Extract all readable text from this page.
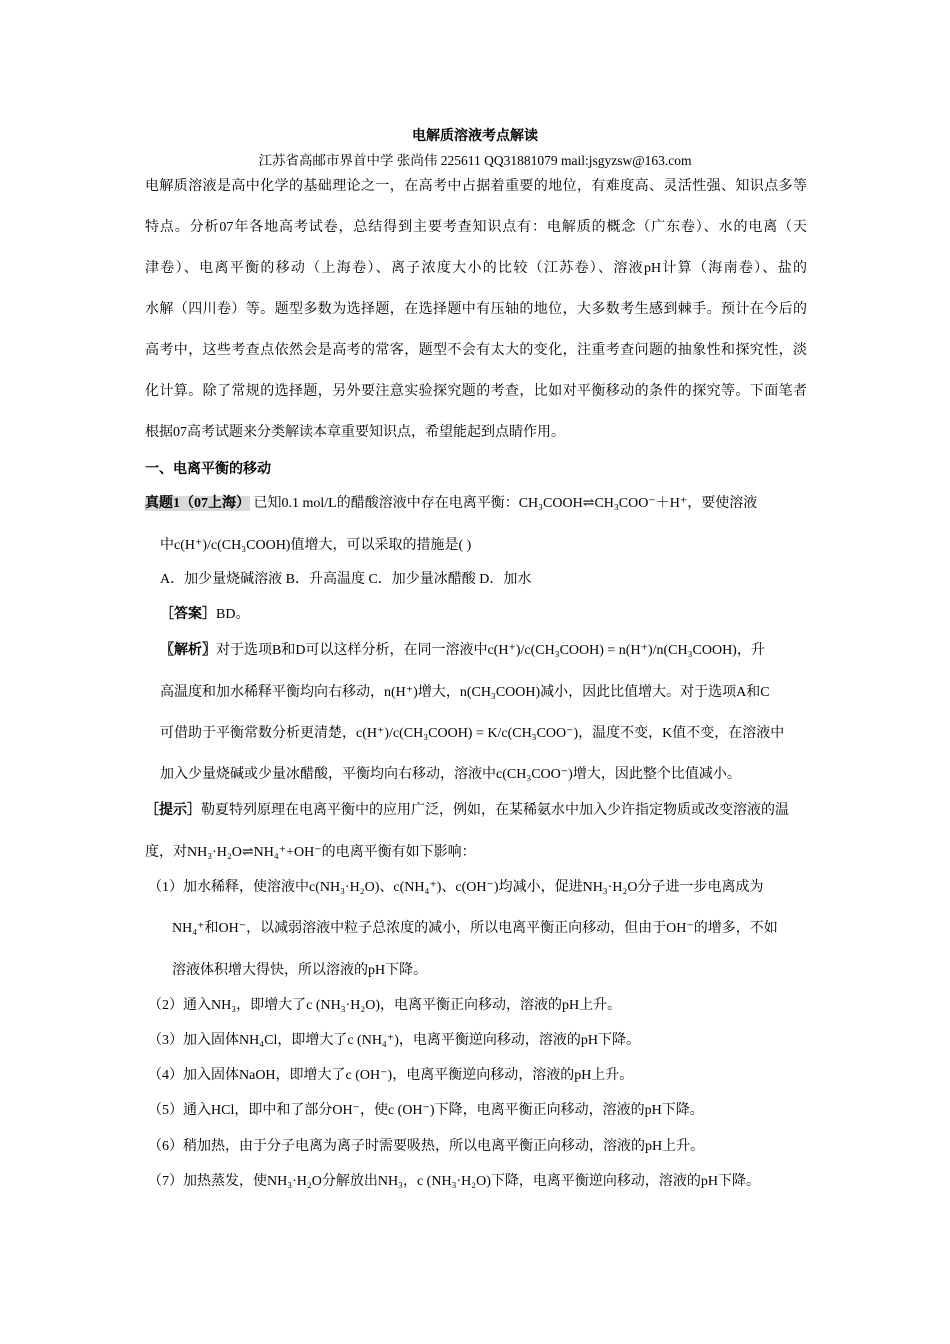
电解质溶液考点解读
江苏省高邮市界首中学 张尚伟 225611 QQ31881079 mail:jsgyzsw@163.com
电解质溶液是高中化学的基础理论之一，在高考中占据着重要的地位，有难度高、灵活性强、知识点多等
特点。分析07年各地高考试卷，总结得到主要考查知识点有：电解质的概念（广东卷）、水的电离（天
津卷）、电离平衡的移动（上海卷）、离子浓度大小的比较（江苏卷）、溶液pH计算（海南卷）、盐的
水解（四川卷）等。题型多数为选择题，在选择题中有压轴的地位，大多数考生感到棘手。预计在今后的
高考中，这些考查点依然会是高考的常客，题型不会有太大的变化，注重考查问题的抽象性和探究性，淡
化计算。除了常规的选择题，另外要注意实验探究题的考查，比如对平衡移动的条件的探究等。下面笔者
根据07高考试题来分类解读本章重要知识点，希望能起到点睛作用。
一、电离平衡的移动
真题1（07上海） 已知0.1 mol/L的醋酸溶液中存在电离平衡：CH₃COOH⇌CH₃COO⁻＋H⁺，要使溶液
中c(H⁺)/c(CH₃COOH)值增大，可以采取的措施是( )
A．加少量烧碱溶液 B．升高温度 C．加少量冰醋酸 D．加水
［答案］BD。
〖解析〗对于选项B和D可以这样分析，在同一溶液中c(H⁺)/c(CH₃COOH) = n(H⁺)/n(CH₃COOH)，升
高温度和加水稀释平衡均向右移动，n(H⁺)增大，n(CH₃COOH)减小，因此比值增大。对于选项A和C
可借助于平衡常数分析更清楚，c(H⁺)/c(CH₃COOH) = K/c(CH₃COO⁻)，温度不变，K值不变，在溶液中
加入少量烧碱或少量冰醋酸，平衡均向右移动，溶液中c(CH₃COO⁻)增大，因此整个比值减小。
［提示］勒夏特列原理在电离平衡中的应用广泛，例如，在某稀氨水中加入少许指定物质或改变溶液的温
度，对NH₃·H₂O⇌NH₄⁺+OH⁻的电离平衡有如下影响：
（1）加水稀释，使溶液中c(NH₃·H₂O)、c(NH₄⁺)、c(OH⁻)均减小，促进NH₃·H₂O分子进一步电离成为
NH₄⁺和OH⁻，以减弱溶液中粒子总浓度的减小，所以电离平衡正向移动，但由于OH⁻的增多，不如
溶液体积增大得快，所以溶液的pH下降。
（2）通入NH₃，即增大了c (NH₃·H₂O)，电离平衡正向移动，溶液的pH上升。
（3）加入固体NH₄Cl，即增大了c (NH₄⁺)，电离平衡逆向移动，溶液的pH下降。
（4）加入固体NaOH，即增大了c (OH⁻)，电离平衡逆向移动，溶液的pH上升。
（5）通入HCl，即中和了部分OH⁻，使c (OH⁻)下降，电离平衡正向移动，溶液的pH下降。
（6）稍加热，由于分子电离为离子时需要吸热，所以电离平衡正向移动，溶液的pH上升。
（7）加热蒸发，使NH₃·H₂O分解放出NH₃，c (NH₃·H₂O)下降，电离平衡逆向移动，溶液的pH下降。
